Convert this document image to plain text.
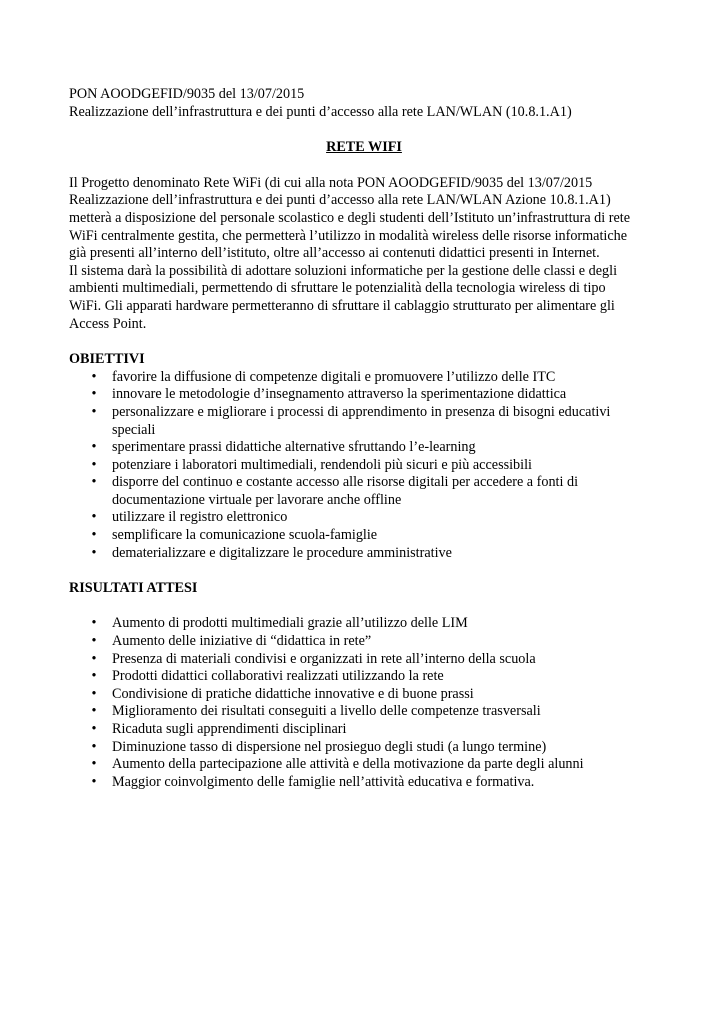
PON AOODGEFID/9035 del 13/07/2015
Realizzazione dell’infrastruttura e dei punti d’accesso alla rete LAN/WLAN (10.8.1.A1)
RETE WIFI
Il Progetto denominato Rete WiFi (di cui alla nota PON AOODGEFID/9035 del 13/07/2015
Realizzazione dell’infrastruttura e dei punti d’accesso alla rete LAN/WLAN Azione 10.8.1.A1)
metterà a disposizione del personale scolastico e degli studenti dell’Istituto un’infrastruttura di rete
WiFi centralmente gestita, che permetterà l’utilizzo in modalità wireless delle risorse informatiche
già presenti all’interno dell’istituto, oltre all’accesso ai contenuti didattici presenti in Internet.
Il sistema darà la possibilità di adottare soluzioni informatiche per la gestione delle classi e degli
ambienti multimediali, permettendo di sfruttare le potenzialità della tecnologia wireless di tipo
WiFi. Gli apparati hardware permetteranno di sfruttare il cablaggio strutturato per alimentare gli
Access Point.
OBIETTIVI
• favorire la diffusione di competenze digitali e promuovere l’utilizzo delle ITC
• innovare le metodologie d’insegnamento attraverso la sperimentazione didattica
• personalizzare e migliorare i processi di apprendimento in presenza di bisogni educativi
speciali
• sperimentare prassi didattiche alternative sfruttando l’e-learning
• potenziare i laboratori multimediali, rendendoli più sicuri e più accessibili
• disporre del continuo e costante accesso alle risorse digitali per accedere a fonti di
documentazione virtuale per lavorare anche offline
• utilizzare il registro elettronico
• semplificare la comunicazione scuola-famiglie
• dematerializzare e digitalizzare le procedure amministrative
RISULTATI ATTESI
• Aumento di prodotti multimediali grazie all’utilizzo delle LIM
• Aumento delle iniziative di “didattica in rete”
• Presenza di materiali condivisi e organizzati in rete all’interno della scuola
• Prodotti didattici collaborativi realizzati utilizzando la rete
• Condivisione di pratiche didattiche innovative e di buone prassi
• Miglioramento dei risultati conseguiti a livello delle competenze trasversali
• Ricaduta sugli apprendimenti disciplinari
• Diminuzione tasso di dispersione nel prosieguo degli studi (a lungo termine)
• Aumento della partecipazione alle attività e della motivazione da parte degli alunni
• Maggior coinvolgimento delle famiglie nell’attività educativa e formativa.
